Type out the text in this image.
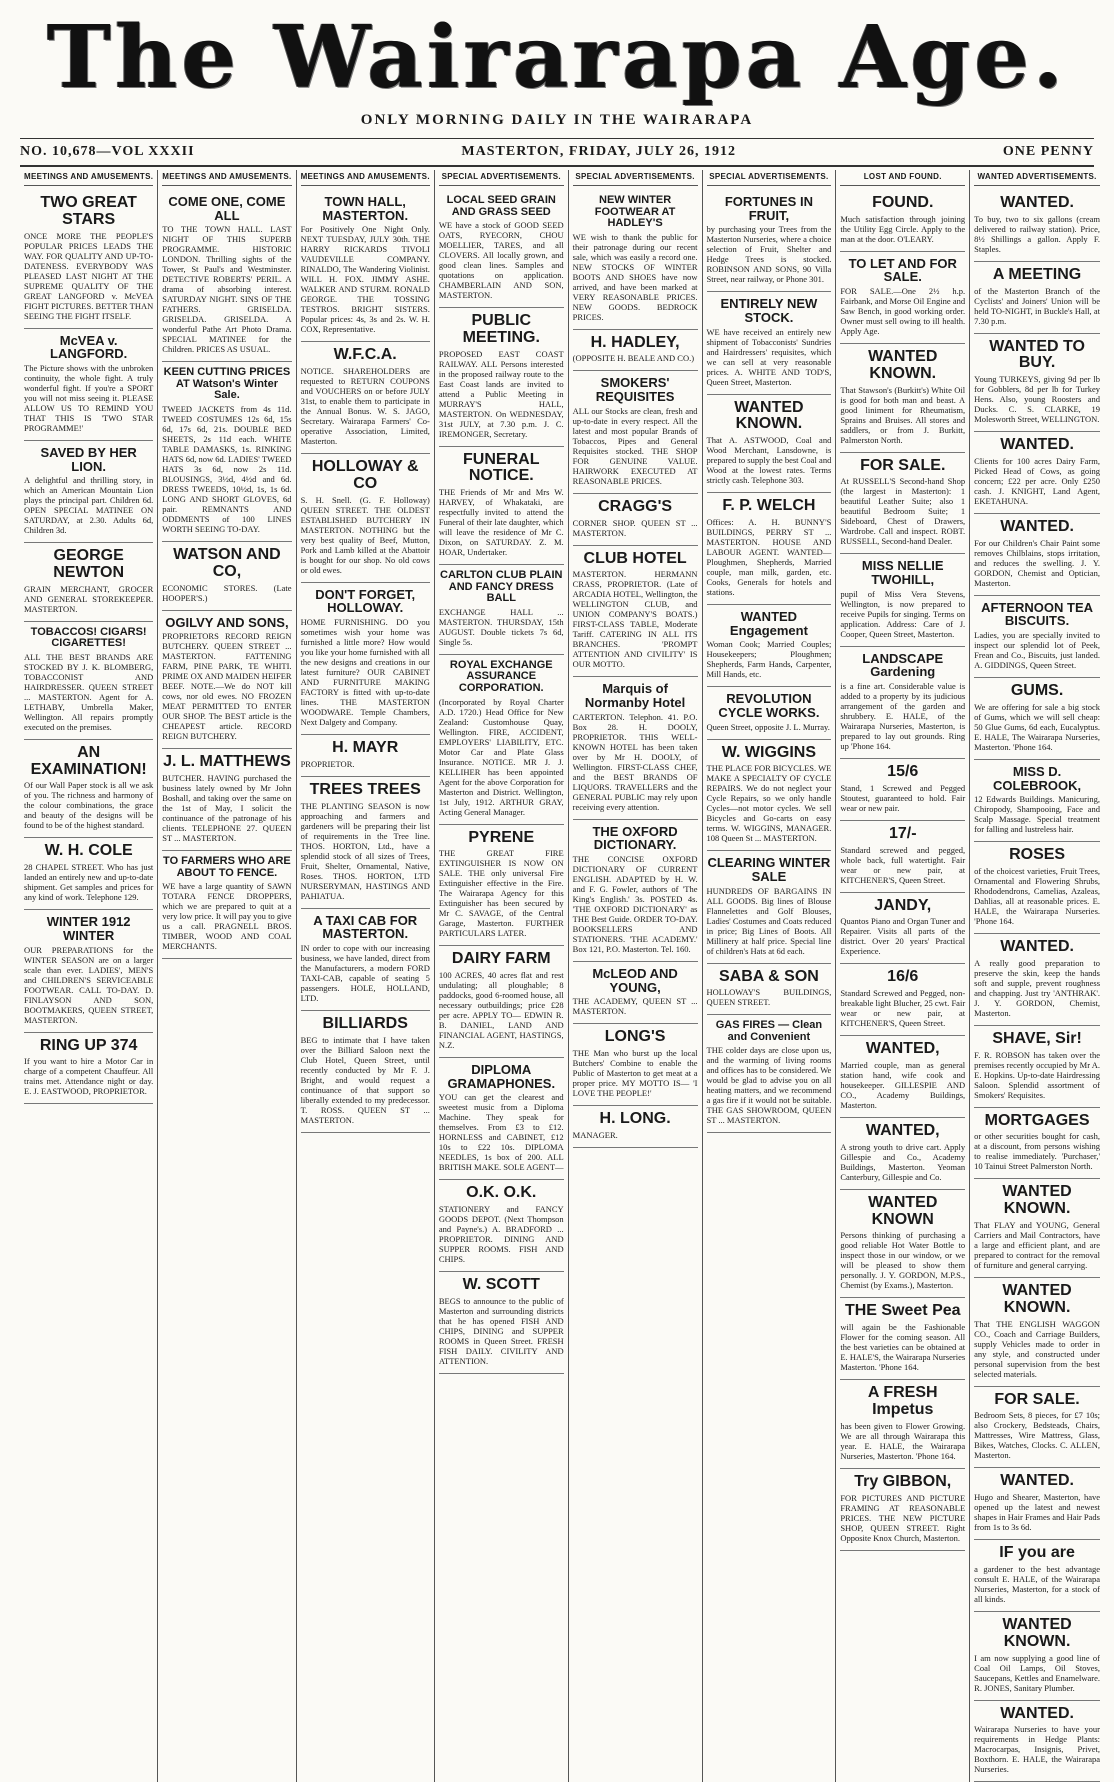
The Wairarapa Age.
ONLY MORNING DAILY IN THE WAIRARAPA
NO. 10,678—VOL XXXII	MASTERTON, FRIDAY, JULY 26, 1912	ONE PENNY
MEETINGS AND AMUSEMENTS.
TWO GREAT STARS
ONCE MORE THE PEOPLE'S POPULAR PRICES LEADS THE WAY. FOR QUALITY AND UP-TO-DATENESS. EVERYBODY WAS PLEASED LAST NIGHT AT THE SUPREME QUALITY OF THE GREAT LANGFORD v. McVEA FIGHT PICTURES. BETTER THAN SEEING THE FIGHT ITSELF.
McVEA v. LANGFORD.
The Picture shows with the unbroken continuity, the whole fight. A truly wonderful fight. If you're a SPORT you will not miss seeing it. PLEASE ALLOW US TO REMIND YOU THAT THIS IS 'TWO STAR PROGRAMME!'
SAVED BY HER LION.
A delightful and thrilling story, in which an American Mountain Lion plays the principal part. Children 6d. OPEN SPECIAL MATINEE ON SATURDAY, at 2.30. Adults 6d, Children 3d.
GEORGE NEWTON
GRAIN MERCHANT, GROCER AND GENERAL STOREKEEPER. MASTERTON.
TOBACCOS! CIGARS! CIGARETTES!
ALL THE BEST BRANDS ARE STOCKED BY J. K. BLOMBERG, TOBACCONIST AND HAIRDRESSER. QUEEN STREET ... MASTERTON. Agent for A. LETHABY, Umbrella Maker, Wellington. All repairs promptly executed on the premises.
AN EXAMINATION!
Of our Wall Paper stock is all we ask of you. The richness and harmony of the colour combinations, the grace and beauty of the designs will be found to be of the highest standard.
W. H. COLE
28 CHAPEL STREET. Who has just landed an entirely new and up-to-date shipment. Get samples and prices for any kind of work. Telephone 129.
WINTER 1912 WINTER
OUR PREPARATIONS for the WINTER SEASON are on a larger scale than ever. LADIES', MEN'S and CHILDREN'S SERVICEABLE FOOTWEAR. CALL TO-DAY. D. FINLAYSON AND SON, BOOTMAKERS, QUEEN STREET, MASTERTON.
RING UP 374
If you want to hire a Motor Car in charge of a competent Chauffeur. All trains met. Attendance night or day. E. J. EASTWOOD, PROPRIETOR.
MEETINGS AND AMUSEMENTS.
COME ONE, COME ALL
TO THE TOWN HALL. LAST NIGHT OF THIS SUPERB PROGRAMME. HISTORIC LONDON. Thrilling sights of the Tower, St Paul's and Westminster. DETECTIVE ROBERTS' PERIL. A drama of absorbing interest. SATURDAY NIGHT. SINS OF THE FATHERS. GRISELDA. GRISELDA. GRISELDA. A wonderful Pathe Art Photo Drama. SPECIAL MATINEE for the Children. PRICES AS USUAL.
KEEN CUTTING PRICES AT Watson's Winter Sale.
TWEED JACKETS from 4s 11d. TWEED COSTUMES 12s 6d, 15s 6d, 17s 6d, 21s. DOUBLE BED SHEETS, 2s 11d each. WHITE TABLE DAMASKS, 1s. RINKING HATS 6d, now 6d. LADIES' TWEED HATS 3s 6d, now 2s 11d. BLOUSINGS, 3½d, 4½d and 6d. DRESS TWEEDS, 10½d, 1s, 1s 6d. LONG AND SHORT GLOVES, 6d pair. REMNANTS AND ODDMENTS of 100 LINES WORTH SEEING TO-DAY.
WATSON AND CO,
ECONOMIC STORES. (Late HOOPER'S.)
OGILVY AND SONS,
PROPRIETORS RECORD REIGN BUTCHERY. QUEEN STREET ... MASTERTON. FATTENING FARM, PINE PARK, TE WHITI. PRIME OX AND MAIDEN HEIFER BEEF. NOTE.—We do NOT kill cows, nor old ewes. NO FROZEN MEAT PERMITTED TO ENTER OUR SHOP. The BEST article is the CHEAPEST article. RECORD REIGN BUTCHERY.
J. L. MATTHEWS
BUTCHER. HAVING purchased the business lately owned by Mr John Boshall, and taking over the same on the 1st of May, I solicit the continuance of the patronage of his clients. TELEPHONE 27. QUEEN ST ... MASTERTON.
TO FARMERS WHO ARE ABOUT TO FENCE.
WE have a large quantity of SAWN TOTARA FENCE DROPPERS, which we are prepared to quit at a very low price. It will pay you to give us a call. PRAGNELL BROS. TIMBER, WOOD AND COAL MERCHANTS.
MEETINGS AND AMUSEMENTS.
TOWN HALL, MASTERTON.
For Positively One Night Only. NEXT TUESDAY, JULY 30th. THE HARRY RICKARDS TIVOLI VAUDEVILLE COMPANY. RINALDO, The Wandering Violinist. WILL H. FOX. JIMMY ASHE. WALKER AND STURM. RONALD GEORGE. THE TOSSING TESTROS. BRIGHT SISTERS. Popular prices: 4s, 3s and 2s. W. H. COX, Representative.
W.F.C.A.
NOTICE. SHAREHOLDERS are requested to RETURN COUPONS and VOUCHERS on or before JULY 31st, to enable them to participate in the Annual Bonus. W. S. JAGO, Secretary. Wairarapa Farmers' Co-operative Association, Limited, Masterton.
HOLLOWAY & CO
S. H. Snell. (G. F. Holloway) QUEEN STREET. THE OLDEST ESTABLISHED BUTCHERY IN MASTERTON. NOTHING but the very best quality of Beef, Mutton, Pork and Lamb killed at the Abattoir is bought for our shop. No old cows or old ewes.
DON'T FORGET, HOLLOWAY.
HOME FURNISHING. DO you sometimes wish your home was furnished a little more? How would you like your home furnished with all the new designs and creations in our latest furniture? OUR CABINET AND FURNITURE MAKING FACTORY is fitted with up-to-date lines. THE MASTERTON WOODWARE. Temple Chambers, Next Dalgety and Company.
H. MAYR
PROPRIETOR.
TREES TREES
THE PLANTING SEASON is now approaching and farmers and gardeners will be preparing their list of requirements in the Tree line. THOS. HORTON, Ltd., have a splendid stock of all sizes of Trees, Fruit, Shelter, Ornamental, Native, Roses. THOS. HORTON, LTD NURSERYMAN, HASTINGS AND PAHIATUA.
A TAXI CAB FOR MASTERTON.
IN order to cope with our increasing business, we have landed, direct from the Manufacturers, a modern FORD TAXI-CAB, capable of seating 5 passengers. HOLE, HOLLAND, LTD.
BILLIARDS
BEG to intimate that I have taken over the Billiard Saloon next the Club Hotel, Queen Street, until recently conducted by Mr F. J. Bright, and would request a continuance of that support so liberally extended to my predecessor. T. ROSS. QUEEN ST ... MASTERTON.
SPECIAL ADVERTISEMENTS.
LOCAL SEED GRAIN AND GRASS SEED
WE have a stock of GOOD SEED OATS, RYECORN, CHOU MOELLIER, TARES, and all CLOVERS. All locally grown, and good clean lines. Samples and quotations on application. CHAMBERLAIN AND SON, MASTERTON.
PUBLIC MEETING.
PROPOSED EAST COAST RAILWAY. ALL Persons interested in the proposed railway route to the East Coast lands are invited to attend a Public Meeting in MURRAY'S HALL, MASTERTON. On WEDNESDAY, 31st JULY, at 7.30 p.m. J. C. IREMONGER, Secretary.
FUNERAL NOTICE.
THE Friends of Mr and Mrs W. HARVEY, of Whakataki, are respectfully invited to attend the Funeral of their late daughter, which will leave the residence of Mr C. Dixon, on SATURDAY. Z. M. HOAR, Undertaker.
CARLTON CLUB PLAIN AND FANCY DRESS BALL
EXCHANGE HALL ... MASTERTON. THURSDAY, 15th AUGUST. Double tickets 7s 6d, Single 5s.
ROYAL EXCHANGE ASSURANCE CORPORATION.
(Incorporated by Royal Charter A.D. 1720.) Head Office for New Zealand: Customhouse Quay, Wellington. FIRE, ACCIDENT, EMPLOYERS' LIABILITY, ETC. Motor Car and Plate Glass Insurance. NOTICE. MR J. J. KELLIHER has been appointed Agent for the above Corporation for Masterton and District. Wellington, 1st July, 1912. ARTHUR GRAY, Acting General Manager.
PYRENE
THE GREAT FIRE EXTINGUISHER IS NOW ON SALE. THE only universal Fire Extinguisher effective in the Fire. The Wairarapa Agency for this Extinguisher has been secured by Mr C. SAVAGE, of the Central Garage, Masterton. FURTHER PARTICULARS LATER.
DAIRY FARM
100 ACRES, 40 acres flat and rest undulating; all ploughable; 8 paddocks, good 6-roomed house, all necessary outbuildings; price £28 per acre. APPLY TO— EDWIN R. B. DANIEL, LAND AND FINANCIAL AGENT, HASTINGS, N.Z.
DIPLOMA GRAMAPHONES.
YOU can get the clearest and sweetest music from a Diploma Machine. They speak for themselves. From £3 to £12. HORNLESS and CABINET, £12 10s to £22 10s. DIPLOMA NEEDLES, 1s box of 200. ALL BRITISH MAKE. SOLE AGENT—
O.K. O.K.
STATIONERY and FANCY GOODS DEPOT. (Next Thompson and Payne's.) A. BRADFORD ... PROPRIETOR. DINING AND SUPPER ROOMS. FISH AND CHIPS.
W. SCOTT
BEGS to announce to the public of Masterton and surrounding districts that he has opened FISH AND CHIPS, DINING and SUPPER ROOMS in Queen Street. FRESH FISH DAILY. CIVILITY AND ATTENTION.
SPECIAL ADVERTISEMENTS.
NEW WINTER FOOTWEAR AT HADLEY'S
WE wish to thank the public for their patronage during our recent sale, which was easily a record one. NEW STOCKS OF WINTER BOOTS AND SHOES have now arrived, and have been marked at VERY REASONABLE PRICES. NEW GOODS. BEDROCK PRICES.
H. HADLEY,
(OPPOSITE H. BEALE AND CO.)
SMOKERS' REQUISITES
ALL our Stocks are clean, fresh and up-to-date in every respect. All the latest and most popular Brands of Tobaccos, Pipes and General Requisites stocked. THE SHOP FOR GENUINE VALUE. HAIRWORK EXECUTED AT REASONABLE PRICES.
CRAGG'S
CORNER SHOP. QUEEN ST ... MASTERTON.
CLUB HOTEL
MASTERTON. HERMANN CRASS, PROPRIETOR. (Late of ARCADIA HOTEL, Wellington, the WELLINGTON CLUB, and UNION COMPANY'S BOATS.) FIRST-CLASS TABLE, Moderate Tariff. CATERING IN ALL ITS BRANCHES. 'PROMPT ATTENTION AND CIVILITY' IS OUR MOTTO.
Marquis of Normanby Hotel
CARTERTON. Telephon. 41. P.O. Box 28. H. DOOLY, PROPRIETOR. THIS WELL-KNOWN HOTEL has been taken over by Mr H. DOOLY, of Wellington. FIRST-CLASS CHEF, and the BEST BRANDS OF LIQUORS. TRAVELLERS and the GENERAL PUBLIC may rely upon receiving every attention.
THE OXFORD DICTIONARY.
THE CONCISE OXFORD DICTIONARY OF CURRENT ENGLISH. ADAPTED by H. W. and F. G. Fowler, authors of 'The King's English.' 3s. POSTED 4s. 'THE OXFORD DICTIONARY' as THE Best Guide. ORDER TO-DAY. BOOKSELLERS AND STATIONERS. 'THE ACADEMY.' Box 121, P.O. Masterton. Tel. 160.
McLEOD AND YOUNG,
THE ACADEMY, QUEEN ST ... MASTERTON.
LONG'S
THE Man who burst up the local Butchers' Combine to enable the Public of Masterton to get meat at a proper price. MY MOTTO IS— 'I LOVE THE PEOPLE!'
H. LONG.
MANAGER.
SPECIAL ADVERTISEMENTS.
FORTUNES IN FRUIT,
by purchasing your Trees from the Masterton Nurseries, where a choice selection of Fruit, Shelter and Hedge Trees is stocked. ROBINSON AND SONS, 90 Villa Street, near railway, or Phone 301.
ENTIRELY NEW STOCK.
WE have received an entirely new shipment of Tobacconists' Sundries and Hairdressers' requisites, which we can sell at very reasonable prices. A. WHITE AND TOD'S, Queen Street, Masterton.
WANTED KNOWN.
That A. ASTWOOD, Coal and Wood Merchant, Lansdowne, is prepared to supply the best Coal and Wood at the lowest rates. Terms strictly cash. Telephone 303.
F. P. WELCH
Offices: A. H. BUNNY'S BUILDINGS, PERRY ST ... MASTERTON. HOUSE AND LABOUR AGENT. WANTED— Ploughmen, Shepherds, Married couple, man milk, garden, etc. Cooks, Generals for hotels and stations.
WANTED Engagement
Woman Cook; Married Couples; Housekeepers; Ploughmen; Shepherds, Farm Hands, Carpenter, Mill Hands, etc.
REVOLUTION CYCLE WORKS.
Queen Street, opposite J. L. Murray.
W. WIGGINS
THE PLACE FOR BICYCLES. WE MAKE A SPECIALTY OF CYCLE REPAIRS. We do not neglect your Cycle Repairs, so we only handle Cycles—not motor cycles. We sell Bicycles and Go-carts on easy terms. W. WIGGINS, MANAGER. 108 Queen St ... MASTERTON.
CLEARING WINTER SALE
HUNDREDS OF BARGAINS IN ALL GOODS. Big lines of Blouse Flannelettes and Golf Blouses, Ladies' Costumes and Coats reduced in price; Big Lines of Boots. All Millinery at half price. Special line of children's Hats at 6d each.
SABA & SON
HOLLOWAY'S BUILDINGS, QUEEN STREET.
GAS FIRES — Clean and Convenient
THE colder days are close upon us, and the warming of living rooms and offices has to be considered. We would be glad to advise you on all heating matters, and we recommend a gas fire if it would not be suitable. THE GAS SHOWROOM, QUEEN ST ... MASTERTON.
LOST AND FOUND.
FOUND.
Much satisfaction through joining the Utility Egg Circle. Apply to the man at the door. O'LEARY.
TO LET AND FOR SALE.
FOR SALE.—One 2½ h.p. Fairbank, and Morse Oil Engine and Saw Bench, in good working order. Owner must sell owing to ill health. Apply Age.
WANTED KNOWN.
That Stawson's (Burkitt's) White Oil is good for both man and beast. A good liniment for Rheumatism, Sprains and Bruises. All stores and saddlers, or from J. Burkitt, Palmerston North.
FOR SALE.
At RUSSELL'S Second-hand Shop (the largest in Masterton): 1 beautiful Leather Suite; also 1 beautiful Bedroom Suite; 1 Sideboard, Chest of Drawers, Wardrobe. Call and inspect. ROBT. RUSSELL, Second-hand Dealer.
MISS NELLIE TWOHILL,
pupil of Miss Vera Stevens, Wellington, is now prepared to receive Pupils for singing. Terms on application. Address: Care of J. Cooper, Queen Street, Masterton.
LANDSCAPE Gardening
is a fine art. Considerable value is added to a property by its judicious arrangement of the garden and shrubbery. E. HALE, of the Wairarapa Nurseries, Masterton, is prepared to lay out grounds. Ring up 'Phone 164.
15/6
Stand, 1 Screwed and Pegged Stoutest, guaranteed to hold. Fair wear or new pair.
17/-
Standard screwed and pegged, whole back, full watertight. Fair wear or new pair, at KITCHENER'S, Queen Street.
JANDY,
Quantos Piano and Organ Tuner and Repairer. Visits all parts of the district. Over 20 years' Practical Experience.
16/6
Standard Screwed and Pegged, non-breakable light Blucher, 25 cwt. Fair wear or new pair, at KITCHENER'S, Queen Street.
WANTED,
Married couple, man as general station hand, wife cook and housekeeper. GILLESPIE AND CO., Academy Buildings, Masterton.
WANTED,
A strong youth to drive cart. Apply Gillespie and Co., Academy Buildings, Masterton. Yeoman Canterbury, Gillespie and Co.
WANTED KNOWN
Persons thinking of purchasing a good reliable Hot Water Bottle to inspect those in our window, or we will be pleased to show them personally. J. Y. GORDON, M.P.S., Chemist (by Exams.), Masterton.
THE Sweet Pea
will again be the Fashionable Flower for the coming season. All the best varieties can be obtained at E. HALE'S, the Wairarapa Nurseries Masterton. 'Phone 164.
A FRESH Impetus
has been given to Flower Growing. We are all through Wairarapa this year. E. HALE, the Wairarapa Nurseries, Masterton. 'Phone 164.
Try GIBBON,
FOR PICTURES AND PICTURE FRAMING AT REASONABLE PRICES. THE NEW PICTURE SHOP, QUEEN STREET. Right Opposite Knox Church, Masterton.
WANTED ADVERTISEMENTS.
WANTED.
To buy, two to six gallons (cream delivered to railway station). Price, 8½ Shillings a gallon. Apply F. Staples.
A MEETING
of the Masterton Branch of the Cyclists' and Joiners' Union will be held TO-NIGHT, in Buckle's Hall, at 7.30 p.m.
WANTED TO BUY.
Young TURKEYS, giving 9d per lb for Gobblers, 8d per lb for Turkey Hens. Also, young Roosters and Ducks. C. S. CLARKE, 19 Molesworth Street, WELLINGTON.
WANTED.
Clients for 100 acres Dairy Farm, Picked Head of Cows, as going concern; £22 per acre. Only £250 cash. J. KNIGHT, Land Agent, EKETAHUNA.
WANTED.
For our Children's Chair Paint some removes Chilblains, stops irritation, and reduces the swelling. J. Y. GORDON, Chemist and Optician, Masterton.
AFTERNOON TEA BISCUITS.
Ladies, you are specially invited to inspect our splendid lot of Peek, Frean and Co., Biscuits, just landed. A. GIDDINGS, Queen Street.
GUMS.
We are offering for sale a big stock of Gums, which we will sell cheap: 50 Glue Gums, 6d each, Eucalyptus. E. HALE, The Wairarapa Nurseries, Masterton. 'Phone 164.
MISS D. COLEBROOK,
12 Edwards Buildings. Manicuring, Chiropody, Shampooing, Face and Scalp Massage. Special treatment for falling and lustreless hair.
ROSES
of the choicest varieties, Fruit Trees, Ornamental and Flowering Shrubs, Rhododendrons, Camelias, Azaleas, Dahlias, all at reasonable prices. E. HALE, the Wairarapa Nurseries. 'Phone 164.
WANTED.
A really good preparation to preserve the skin, keep the hands soft and supple, prevent roughness and chapping. Just try 'ANTHRAK'. J. Y. GORDON, Chemist, Masterton.
SHAVE, Sir!
F. R. ROBSON has taken over the premises recently occupied by Mr A. E. Hopkins. Up-to-date Hairdressing Saloon. Splendid assortment of Smokers' Requisites.
MORTGAGES
or other securities bought for cash, at a discount, from persons wishing to realise immediately. 'Purchaser,' 10 Tainui Street Palmerston North.
WANTED KNOWN.
That FLAY and YOUNG, General Carriers and Mail Contractors, have a large and efficient plant, and are prepared to contract for the removal of furniture and general carrying.
WANTED KNOWN.
That THE ENGLISH WAGGON CO., Coach and Carriage Builders, supply Vehicles made to order in any style, and constructed under personal supervision from the best selected materials.
FOR SALE.
Bedroom Sets, 8 pieces, for £7 10s; also Crockery, Bedsteads, Chairs, Mattresses, Wire Mattress, Glass, Bikes, Watches, Clocks. C. ALLEN, Masterton.
WANTED.
Hugo and Shearer, Masterton, have opened up the latest and newest shapes in Hair Frames and Hair Pads from 1s to 3s 6d.
IF you are
a gardener to the best advantage consult E. HALE, of the Wairarapa Nurseries, Masterton, for a stock of all kinds.
WANTED KNOWN.
I am now supplying a good line of Coal Oil Lamps, Oil Stoves, Saucepans, Kettles and Enamelware. R. JONES, Sanitary Plumber.
WANTED.
Wairarapa Nurseries to have your requirements in Hedge Plants: Macrocarpas, Insignis, Privet, Boxthorn. E. HALE, the Wairarapa Nurseries.
